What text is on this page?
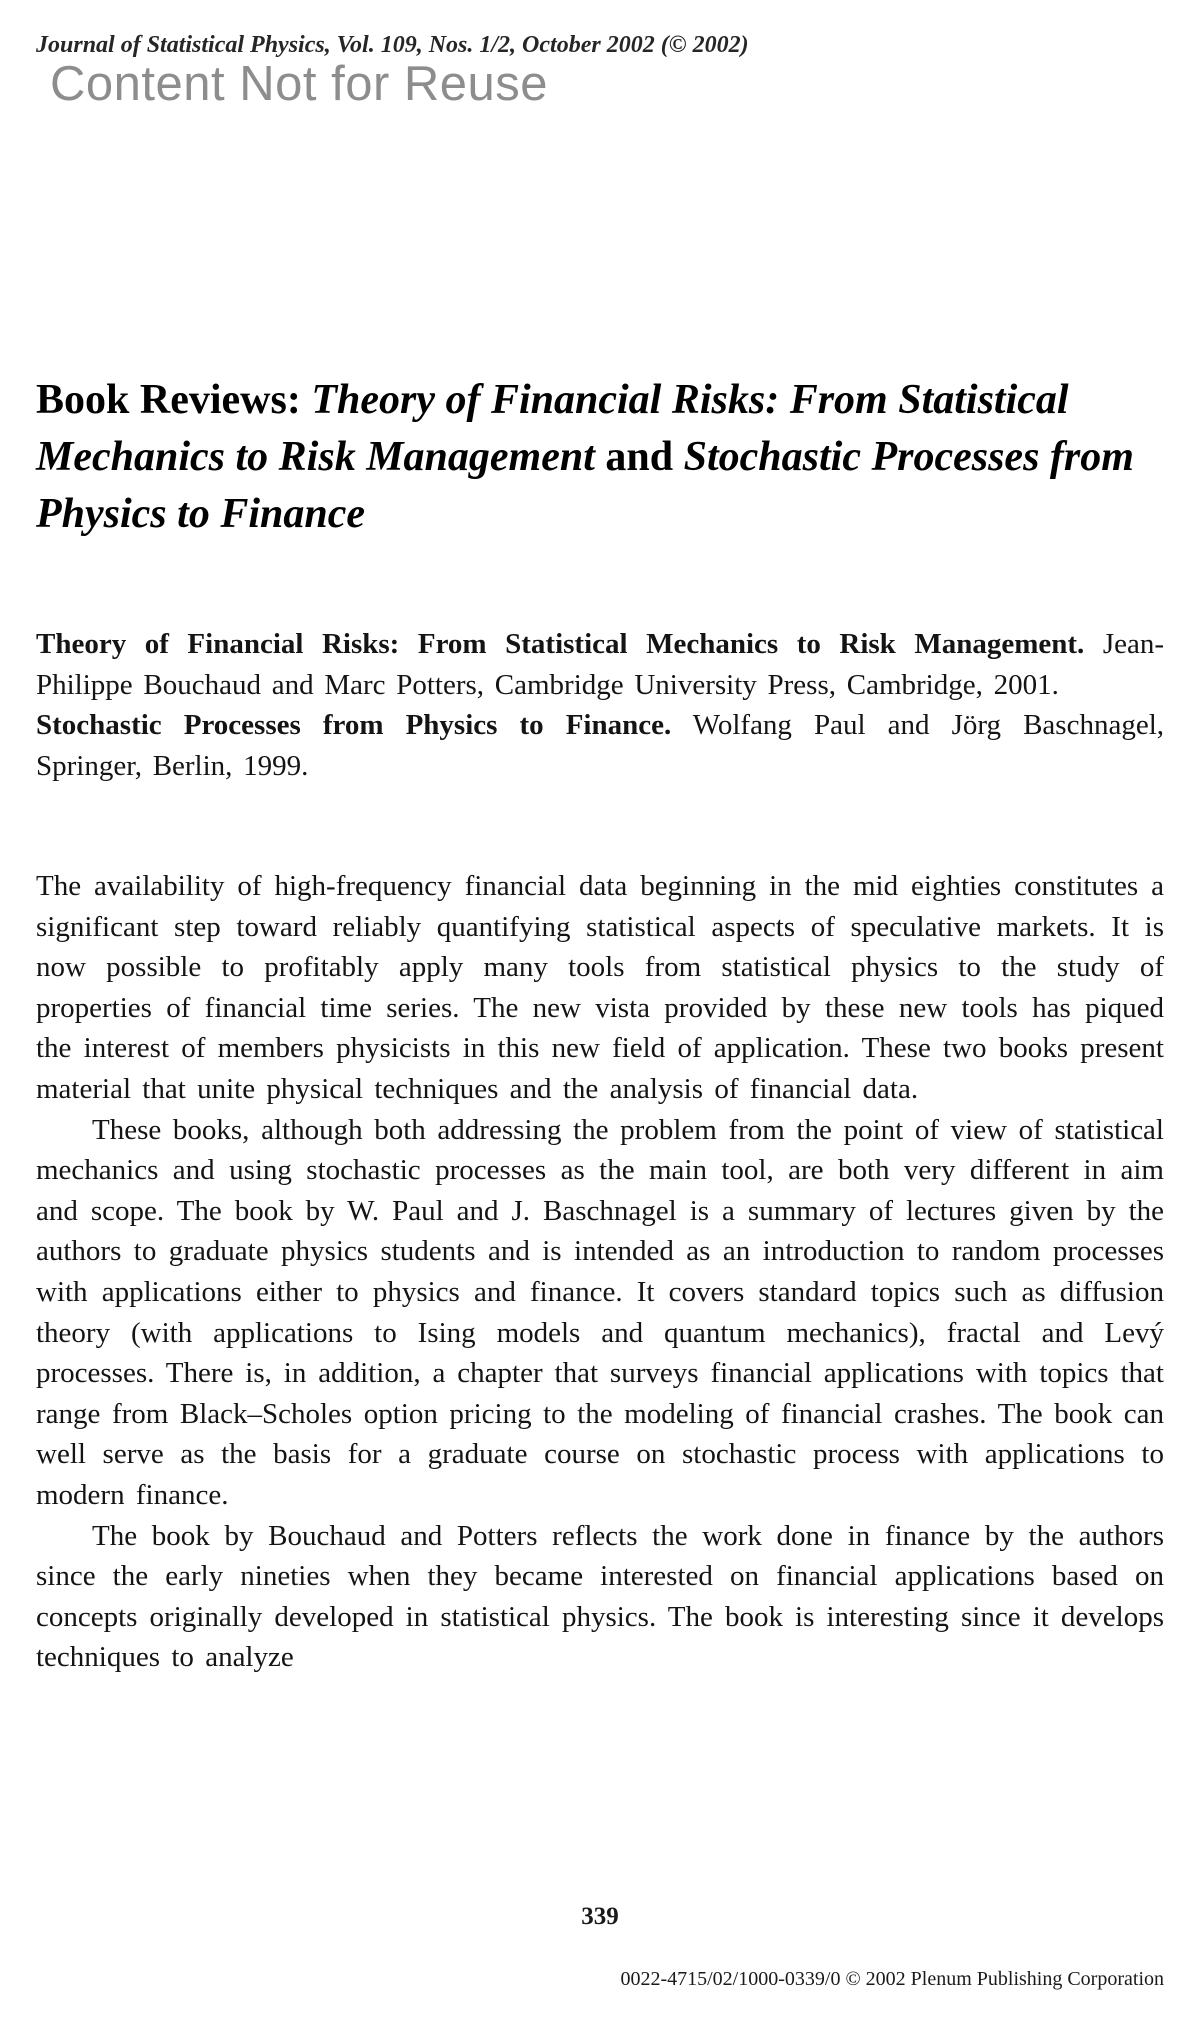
Journal of Statistical Physics, Vol. 109, Nos. 1/2, October 2002 (© 2002)
Content Not for Reuse
Book Reviews: Theory of Financial Risks: From Statistical Mechanics to Risk Management and Stochastic Processes from Physics to Finance

Theory of Financial Risks: From Statistical Mechanics to Risk Management. Jean-Philippe Bouchaud and Marc Potters, Cambridge University Press, Cambridge, 2001.

Stochastic Processes from Physics to Finance. Wolfang Paul and Jörg Baschnagel, Springer, Berlin, 1999.

The availability of high-frequency financial data beginning in the mid eighties constitutes a significant step toward reliably quantifying statistical aspects of speculative markets. It is now possible to profitably apply many tools from statistical physics to the study of properties of financial time series. The new vista provided by these new tools has piqued the interest of members physicists in this new field of application. These two books present material that unite physical techniques and the analysis of financial data.

These books, although both addressing the problem from the point of view of statistical mechanics and using stochastic processes as the main tool, are both very different in aim and scope. The book by W. Paul and J. Baschnagel is a summary of lectures given by the authors to graduate physics students and is intended as an introduction to random processes with applications either to physics and finance. It covers standard topics such as diffusion theory (with applications to Ising models and quantum mechanics), fractal and Levý processes. There is, in addition, a chapter that surveys financial applications with topics that range from Black–Scholes option pricing to the modeling of financial crashes. The book can well serve as the basis for a graduate course on stochastic process with applications to modern finance.

The book by Bouchaud and Potters reflects the work done in finance by the authors since the early nineties when they became interested on financial applications based on concepts originally developed in statistical physics. The book is interesting since it develops techniques to analyze

339
0022-4715/02/1000-0339/0 © 2002 Plenum Publishing Corporation
